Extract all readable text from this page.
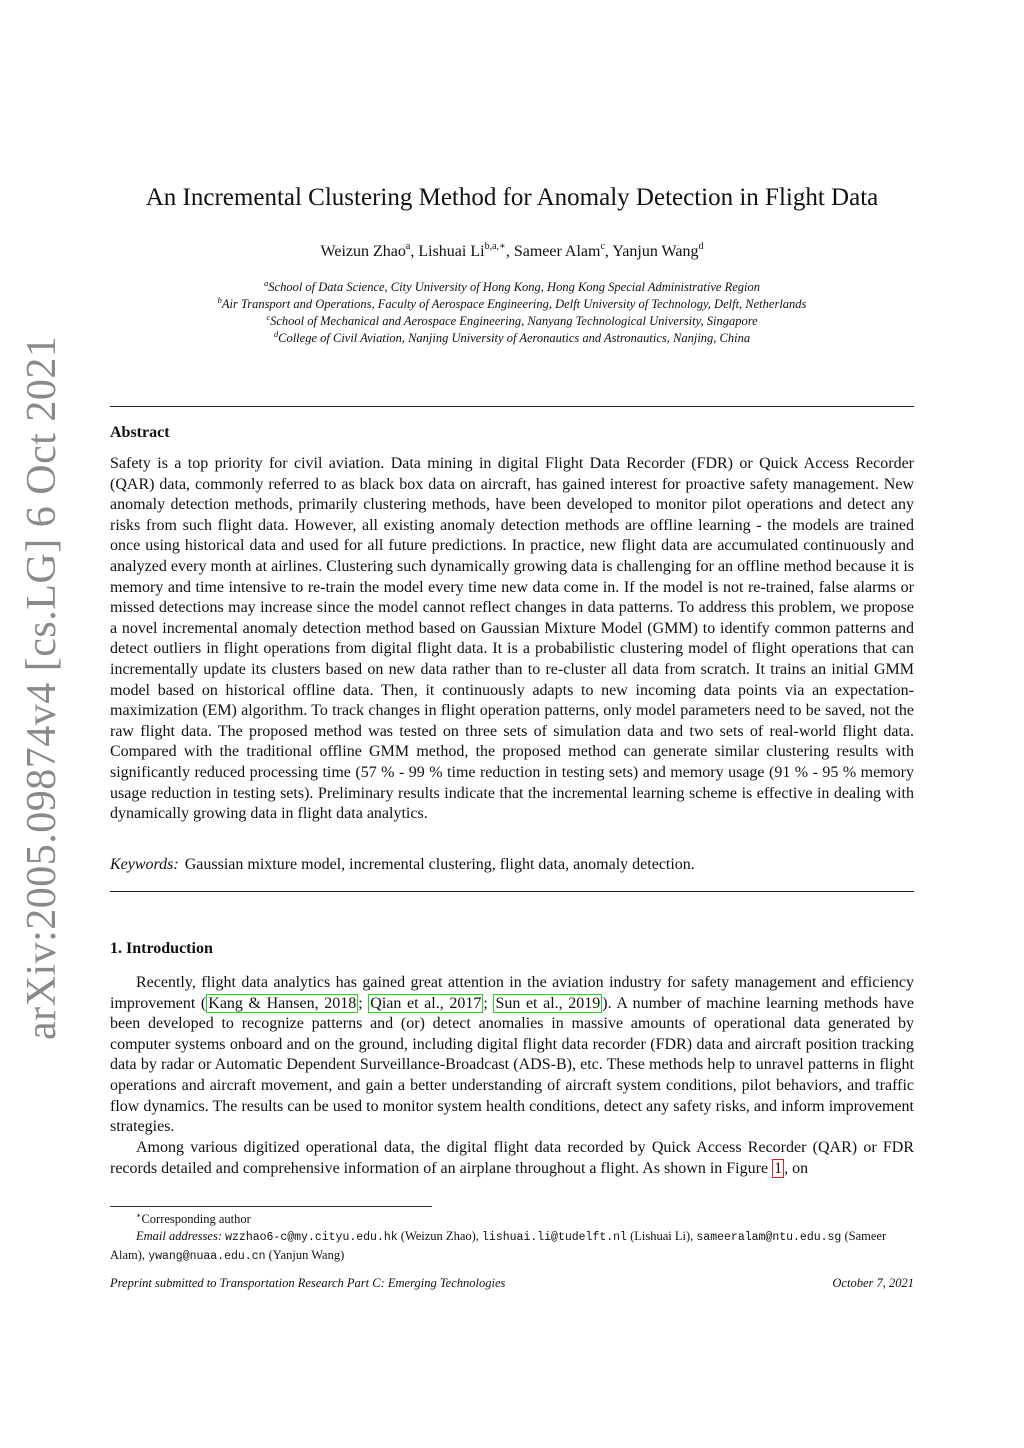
arXiv:2005.09874v4 [cs.LG] 6 Oct 2021
An Incremental Clustering Method for Anomaly Detection in Flight Data
Weizun Zhao$^a$, Lishuai $Li^{b,a,∗}$, Sameer Alam$^c$, Yanjun Wang$^d$
$^a$School of Data Science, City University of Hong Kong, Hong Kong Special Administrative Region
$^b$Air Transport and Operations, Faculty of Aerospace Engineering, Delft University of Technology, Delft, Netherlands
$^c$School of Mechanical and Aerospace Engineering, Nanyang Technological University, Singapore
$^d$College of Civil Aviation, Nanjing University of Aeronautics and Astronautics, Nanjing, China
Abstract

Safety is a top priority for civil aviation. Data mining in digital Flight Data Recorder (FDR) or Quick Access Recorder (QAR) data, commonly referred to as black box data on aircraft, has gained interest for proactive safety management. New anomaly detection methods, primarily clustering methods, have been developed to monitor pilot operations and detect any risks from such flight data. However, all existing anomaly detection methods are offline learning - the models are trained once using historical data and used for all future predictions. In practice, new flight data are accumulated continuously and analyzed every month at airlines. Clustering such dynamically growing data is challenging for an offline method because it is memory and time intensive to re-train the model every time new data come in. If the model is not re-trained, false alarms or missed detections may increase since the model cannot reflect changes in data patterns. To address this problem, we propose a novel incremental anomaly detection method based on Gaussian Mixture Model (GMM) to identify common patterns and detect outliers in flight operations from digital flight data. It is a probabilistic clustering model of flight operations that can incrementally update its clusters based on new data rather than to re-cluster all data from scratch. It trains an initial GMM model based on historical offline data. Then, it continuously adapts to new incoming data points via an expectation-maximization (EM) algorithm. To track changes in flight operation patterns, only model parameters need to be saved, not the raw flight data. The proposed method was tested on three sets of simulation data and two sets of real-world flight data. Compared with the traditional offline GMM method, the proposed method can generate similar clustering results with significantly reduced processing time (57 % - 99 % time reduction in testing sets) and memory usage (91 % - 95 % memory usage reduction in testing sets). Preliminary results indicate that the incremental learning scheme is effective in dealing with dynamically growing data in flight data analytics.

Keywords: Gaussian mixture model, incremental clustering, flight data, anomaly detection.
1. Introduction

Recently, flight data analytics has gained great attention in the aviation industry for safety management and efficiency improvement ( Kang & Hansen, 2018 ; Qian et al., 2017 ; Sun et al., 2019 ). A number of machine learning methods have been developed to recognize patterns and (or) detect anomalies in massive amounts of operational data generated by computer systems onboard and on the ground, including digital flight data recorder (FDR) data and aircraft position tracking data by radar or Automatic Dependent Surveillance-Broadcast (ADS-B), etc. These methods help to unravel patterns in flight operations and aircraft movement, and gain a better understanding of aircraft system conditions, pilot behaviors, and traffic flow dynamics. The results can be used to monitor system health conditions, detect any safety risks, and inform improvement strategies.

Among various digitized operational data, the digital flight data recorded by Quick Access Recorder (QAR) or FDR records detailed and comprehensive information of an airplane throughout a flight. As shown in Figure 1 , on

∗Corresponding author
Email addresses: wzzhao6-c@my.cityu.edu.hk (Weizun Zhao), lishuai.li@tudelft.nl (Lishuai Li), sameeralam@ntu.edu.sg (Sameer Alam), ywang@nuaa.edu.cn (Yanjun Wang)
Preprint submitted to Transportation Research Part C: Emerging Technologies	October 7, 2021
